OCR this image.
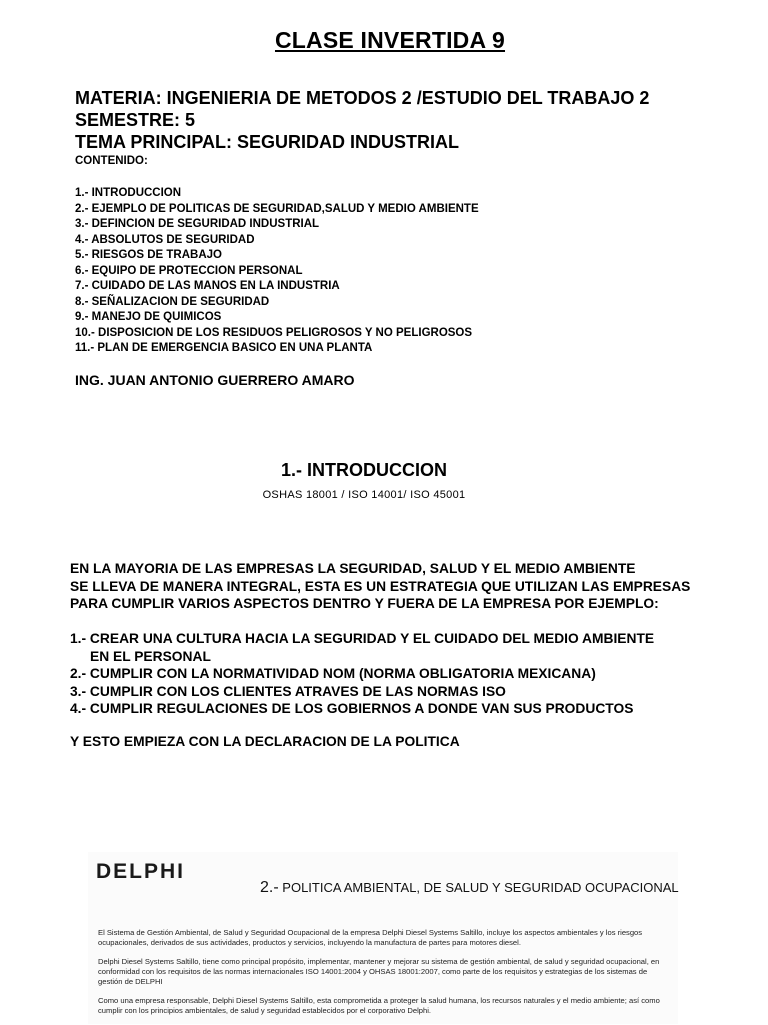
CLASE INVERTIDA 9
MATERIA: INGENIERIA DE METODOS 2 /ESTUDIO DEL TRABAJO 2
SEMESTRE: 5
TEMA PRINCIPAL: SEGURIDAD INDUSTRIAL
CONTENIDO:
1.- INTRODUCCION
2.- EJEMPLO DE POLITICAS DE SEGURIDAD,SALUD Y MEDIO AMBIENTE
3.- DEFINCION DE SEGURIDAD INDUSTRIAL
4.- ABSOLUTOS DE SEGURIDAD
5.- RIESGOS DE TRABAJO
6.- EQUIPO DE PROTECCION PERSONAL
7.- CUIDADO DE LAS MANOS EN LA INDUSTRIA
8.- SEÑALIZACION DE SEGURIDAD
9.- MANEJO DE QUIMICOS
10.- DISPOSICION DE LOS RESIDUOS PELIGROSOS Y NO PELIGROSOS
11.- PLAN DE EMERGENCIA BASICO EN UNA PLANTA
ING. JUAN ANTONIO GUERRERO AMARO
1.- INTRODUCCION
OSHAS 18001 / ISO 14001/ ISO 45001
EN LA MAYORIA DE LAS EMPRESAS LA SEGURIDAD, SALUD Y EL MEDIO AMBIENTE
SE LLEVA DE MANERA INTEGRAL, ESTA ES UN ESTRATEGIA QUE UTILIZAN LAS EMPRESAS
PARA CUMPLIR VARIOS ASPECTOS DENTRO Y FUERA DE LA EMPRESA POR EJEMPLO:
1.- CREAR UNA CULTURA HACIA LA SEGURIDAD Y EL CUIDADO DEL MEDIO AMBIENTE
EN EL PERSONAL
2.- CUMPLIR CON LA NORMATIVIDAD NOM (NORMA OBLIGATORIA MEXICANA)
3.- CUMPLIR CON LOS CLIENTES ATRAVES DE LAS NORMAS ISO
4.- CUMPLIR REGULACIONES DE LOS GOBIERNOS A DONDE VAN SUS PRODUCTOS
Y ESTO EMPIEZA CON LA DECLARACION DE LA POLITICA
DELPHI
2.- POLITICA AMBIENTAL, DE SALUD Y SEGURIDAD OCUPACIONAL

El Sistema de Gestión Ambiental, de Salud y Seguridad Ocupacional de la empresa Delphi Diesel Systems Saltillo, incluye los aspectos ambientales y los riesgos ocupacionales, derivados de sus actividades, productos y servicios, incluyendo la manufactura de partes para motores diesel.

Delphi Diesel Systems Saltillo, tiene como principal propósito, implementar, mantener y mejorar su sistema de gestión ambiental, de salud y seguridad ocupacional, en conformidad con los requisitos de las normas internacionales ISO 14001:2004 y OHSAS 18001:2007, como parte de los requisitos y estrategias de los sistemas de gestión de DELPHI

Como una empresa responsable, Delphi Diesel Systems Saltillo, esta comprometida a proteger la salud humana, los recursos naturales y el medio ambiente; así como cumplir con los principios ambientales, de salud y seguridad establecidos por el corporativo Delphi.
